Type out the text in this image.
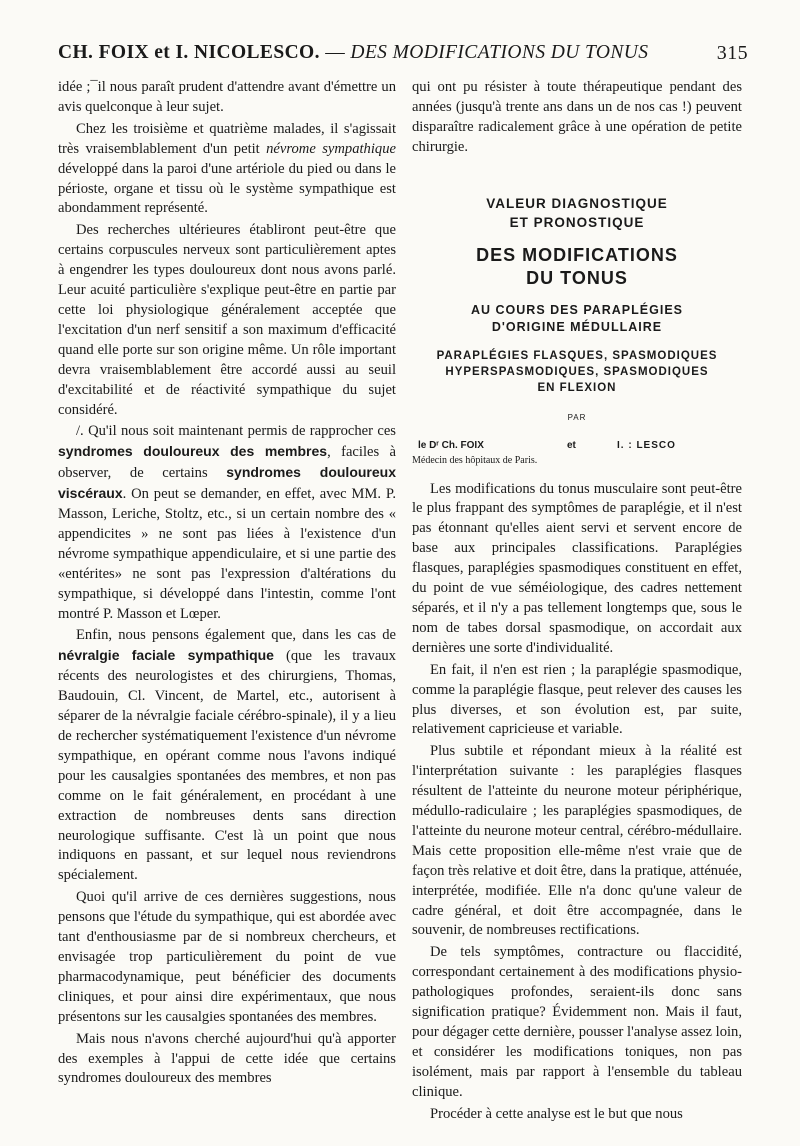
CH. FOIX et I. NICOLESCO. — DES MODIFICATIONS DU TONUS	315

idée ;¯il nous paraît prudent d'attendre avant d'émettre un avis quelconque à leur sujet.

Chez les troisième et quatrième malades, il s'agissait très vraisemblablement d'un petit névrome sympathique développé dans la paroi d'une artériole du pied ou dans le périoste, organe et tissu où le système sympathique est abondamment représenté.

Des recherches ultérieures établiront peut-être que certains corpuscules nerveux sont particulièrement aptes à engendrer les types douloureux dont nous avons parlé. Leur acuité particulière s'explique peut-être en partie par cette loi physiologique généralement acceptée que l'excitation d'un nerf sensitif a son maximum d'efficacité quand elle porte sur son origine même. Un rôle important devra vraisemblablement être accordé aussi au seuil d'excitabilité et de réactivité sympathique du sujet considéré.

/. Qu'il nous soit maintenant permis de rapprocher ces syndromes douloureux des membres, faciles à observer, de certains syndromes douloureux viscéraux. On peut se demander, en effet, avec MM. P. Masson, Leriche, Stoltz, etc., si un certain nombre des « appendicites » ne sont pas liées à l'existence d'un névrome sympathique appendiculaire, et si une partie des «entérites» ne sont pas l'expression d'altérations du sympathique, si développé dans l'intestin, comme l'ont montré P. Masson et Lœper.

Enfin, nous pensons également que, dans les cas de névralgie faciale sympathique (que les travaux récents des neurologistes et des chirurgiens, Thomas, Baudouin, Cl. Vincent, de Martel, etc., autorisent à séparer de la névralgie faciale cérébro-spinale), il y a lieu de rechercher systématiquement l'existence d'un névrome sympathique, en opérant comme nous l'avons indiqué pour les causalgies spontanées des membres, et non pas comme on le fait généralement, en procédant à une extraction de nombreuses dents sans direction neurologique suffisante. C'est là un point que nous indiquons en passant, et sur lequel nous reviendrons spécialement.

Quoi qu'il arrive de ces dernières suggestions, nous pensons que l'étude du sympathique, qui est abordée avec tant d'enthousiasme par de si nombreux chercheurs, et envisagée trop particulièrement du point de vue pharmacodynamique, peut bénéficier des documents cliniques, et pour ainsi dire expérimentaux, que nous présentons sur les causalgies spontanées des membres.

Mais nous n'avons cherché aujourd'hui qu'à apporter des exemples à l'appui de cette idée que certains syndromes douloureux des membres

qui ont pu résister à toute thérapeutique pendant des années (jusqu'à trente ans dans un de nos cas !) peuvent disparaître radicalement grâce à une opération de petite chirurgie.

VALEUR DIAGNOSTIQUE
ET PRONOSTIQUE
DES MODIFICATIONS
DU TONUS
AU COURS DES PARAPLÉGIES
D'ORIGINE MÉDULLAIRE
PARAPLÉGIES FLASQUES, SPASMODIQUES
HYPERSPASMODIQUES, SPASMODIQUES
EN FLEXION
PAR
le Dʳ Ch. FOIX	et	I. : LESCO
Médecin des hôpitaux de Paris.

Les modifications du tonus musculaire sont peut-être le plus frappant des symptômes de paraplégie, et il n'est pas étonnant qu'elles aient servi et servent encore de base aux principales classifications. Paraplégies flasques, paraplégies spasmodiques constituent en effet, du point de vue séméiologique, des cadres nettement séparés, et il n'y a pas tellement longtemps que, sous le nom de tabes dorsal spasmodique, on accordait aux dernières une sorte d'individualité.

En fait, il n'en est rien ; la paraplégie spasmodique, comme la paraplégie flasque, peut relever des causes les plus diverses, et son évolution est, par suite, relativement capricieuse et variable.

Plus subtile et répondant mieux à la réalité est l'interprétation suivante : les paraplégies flasques résultent de l'atteinte du neurone moteur périphérique, médullo-radiculaire ; les paraplégies spasmodiques, de l'atteinte du neurone moteur central, cérébro-médullaire. Mais cette proposition elle-même n'est vraie que de façon très relative et doit être, dans la pratique, atténuée, interprétée, modifiée. Elle n'a donc qu'une valeur de cadre général, et doit être accompagnée, dans le souvenir, de nombreuses rectifications.

De tels symptômes, contracture ou flaccidité, correspondant certainement à des modifications physio-pathologiques profondes, seraient-ils donc sans signification pratique? Évidemment non. Mais il faut, pour dégager cette dernière, pousser l'analyse assez loin, et considérer les modifications toniques, non pas isolément, mais par rapport à l'ensemble du tableau clinique.

Procéder à cette analyse est le but que nous
